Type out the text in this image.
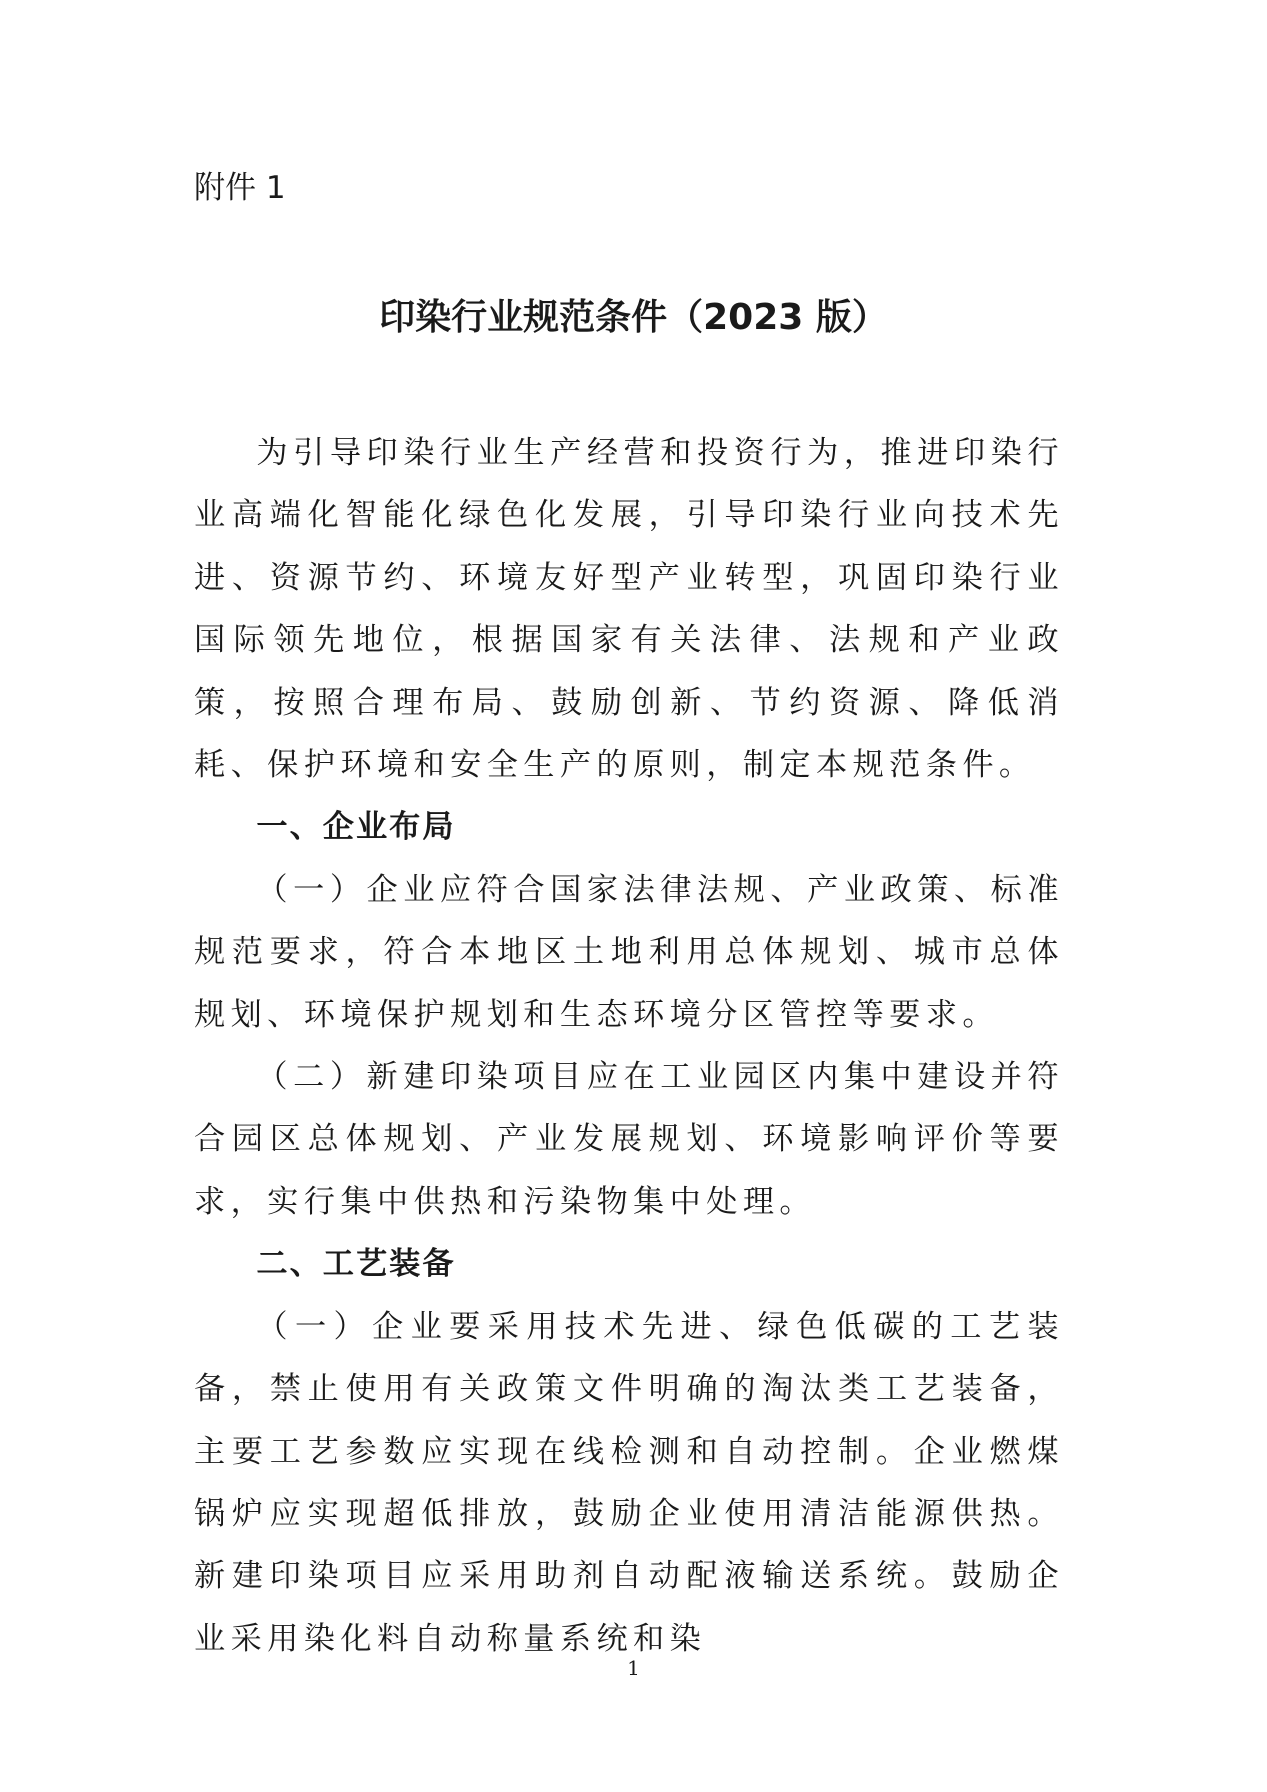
附件 1
印染行业规范条件（2023 版）

为引导印染行业生产经营和投资行为，推进印染行业高端化智能化绿色化发展，引导印染行业向技术先进、资源节约、环境友好型产业转型，巩固印染行业国际领先地位，根据国家有关法律、法规和产业政策，按照合理布局、鼓励创新、节约资源、降低消耗、保护环境和安全生产的原则，制定本规范条件。

一、企业布局

（一）企业应符合国家法律法规、产业政策、标准规范要求，符合本地区土地利用总体规划、城市总体规划、环境保护规划和生态环境分区管控等要求。

（二）新建印染项目应在工业园区内集中建设并符合园区总体规划、产业发展规划、环境影响评价等要求，实行集中供热和污染物集中处理。

二、工艺装备

（一）企业要采用技术先进、绿色低碳的工艺装备，禁止使用有关政策文件明确的淘汰类工艺装备，主要工艺参数应实现在线检测和自动控制。企业燃煤锅炉应实现超低排放，鼓励企业使用清洁能源供热。新建印染项目应采用助剂自动配液输送系统。鼓励企业采用染化料自动称量系统和染

1
